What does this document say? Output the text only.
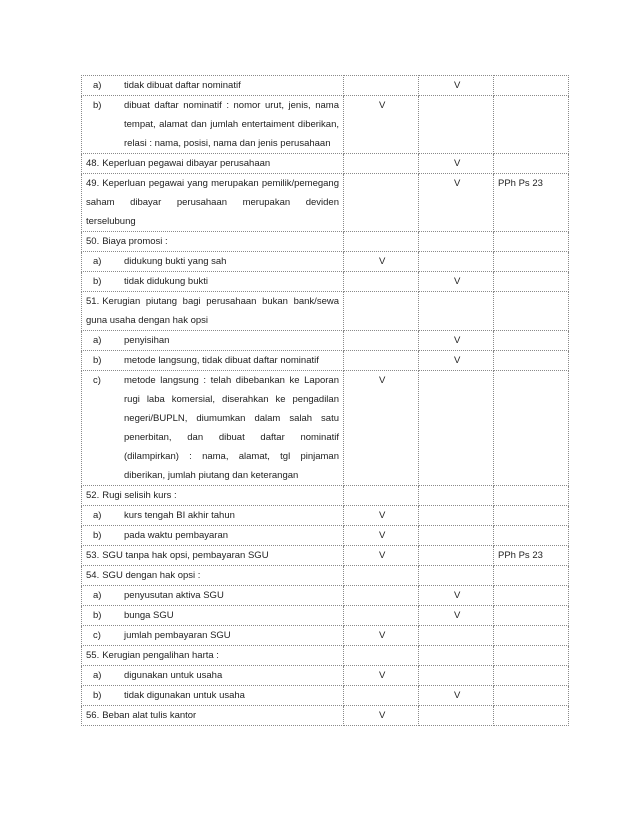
a) tidak dibuat daftar nominatif		V	

b) dibuat daftar nominatif : nomor urut, jenis, nama tempat, alamat dan jumlah entertaiment diberikan, relasi : nama, posisi, nama dan jenis perusahaan	V		

48. Keperluan pegawai dibayar perusahaan		V	

49. Keperluan pegawai yang merupakan pemilik/pemegang saham dibayar perusahaan merupakan deviden terselubung		V	PPh Ps 23

50. Biaya promosi :			

a) didukung bukti yang sah	V		

b) tidak didukung bukti		V	

51. Kerugian piutang bagi perusahaan bukan bank/sewa guna usaha dengan hak opsi			

a) penyisihan		V	

b) metode langsung, tidak dibuat daftar nominatif		V	

c) metode langsung : telah dibebankan ke Laporan rugi laba komersial, diserahkan ke pengadilan negeri/BUPLN, diumumkan dalam salah satu penerbitan, dan dibuat daftar nominatif (dilampirkan) : nama, alamat, tgl pinjaman diberikan, jumlah piutang dan keterangan	V		

52. Rugi selisih kurs :			

a) kurs tengah BI akhir tahun	V		

b) pada waktu pembayaran	V		

53. SGU tanpa hak opsi, pembayaran SGU	V		PPh Ps 23

54. SGU dengan hak opsi :			

a) penyusutan aktiva SGU		V	

b) bunga SGU		V	

c) jumlah pembayaran SGU	V		

55. Kerugian pengalihan harta :			

a) digunakan untuk usaha	V		

b) tidak digunakan untuk usaha		V	

56. Beban alat tulis kantor	V		
